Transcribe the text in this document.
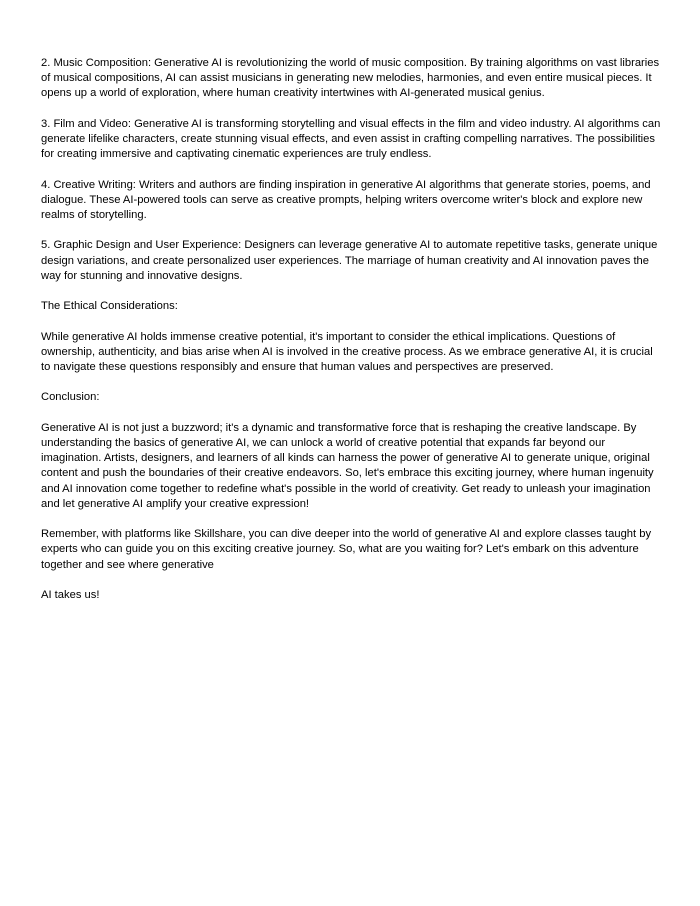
2. Music Composition: Generative AI is revolutionizing the world of music composition. By training algorithms on vast libraries of musical compositions, AI can assist musicians in generating new melodies, harmonies, and even entire musical pieces. It opens up a world of exploration, where human creativity intertwines with AI-generated musical genius.

3. Film and Video: Generative AI is transforming storytelling and visual effects in the film and video industry. AI algorithms can generate lifelike characters, create stunning visual effects, and even assist in crafting compelling narratives. The possibilities for creating immersive and captivating cinematic experiences are truly endless.

4. Creative Writing: Writers and authors are finding inspiration in generative AI algorithms that generate stories, poems, and dialogue. These AI-powered tools can serve as creative prompts, helping writers overcome writer's block and explore new realms of storytelling.

5. Graphic Design and User Experience: Designers can leverage generative AI to automate repetitive tasks, generate unique design variations, and create personalized user experiences. The marriage of human creativity and AI innovation paves the way for stunning and innovative designs.

The Ethical Considerations:

While generative AI holds immense creative potential, it's important to consider the ethical implications. Questions of ownership, authenticity, and bias arise when AI is involved in the creative process. As we embrace generative AI, it is crucial to navigate these questions responsibly and ensure that human values and perspectives are preserved.

Conclusion:

Generative AI is not just a buzzword; it's a dynamic and transformative force that is reshaping the creative landscape. By understanding the basics of generative AI, we can unlock a world of creative potential that expands far beyond our imagination. Artists, designers, and learners of all kinds can harness the power of generative AI to generate unique, original content and push the boundaries of their creative endeavors. So, let's embrace this exciting journey, where human ingenuity and AI innovation come together to redefine what's possible in the world of creativity. Get ready to unleash your imagination and let generative AI amplify your creative expression!

Remember, with platforms like Skillshare, you can dive deeper into the world of generative AI and explore classes taught by experts who can guide you on this exciting creative journey. So, what are you waiting for? Let's embark on this adventure together and see where generative

AI takes us!
